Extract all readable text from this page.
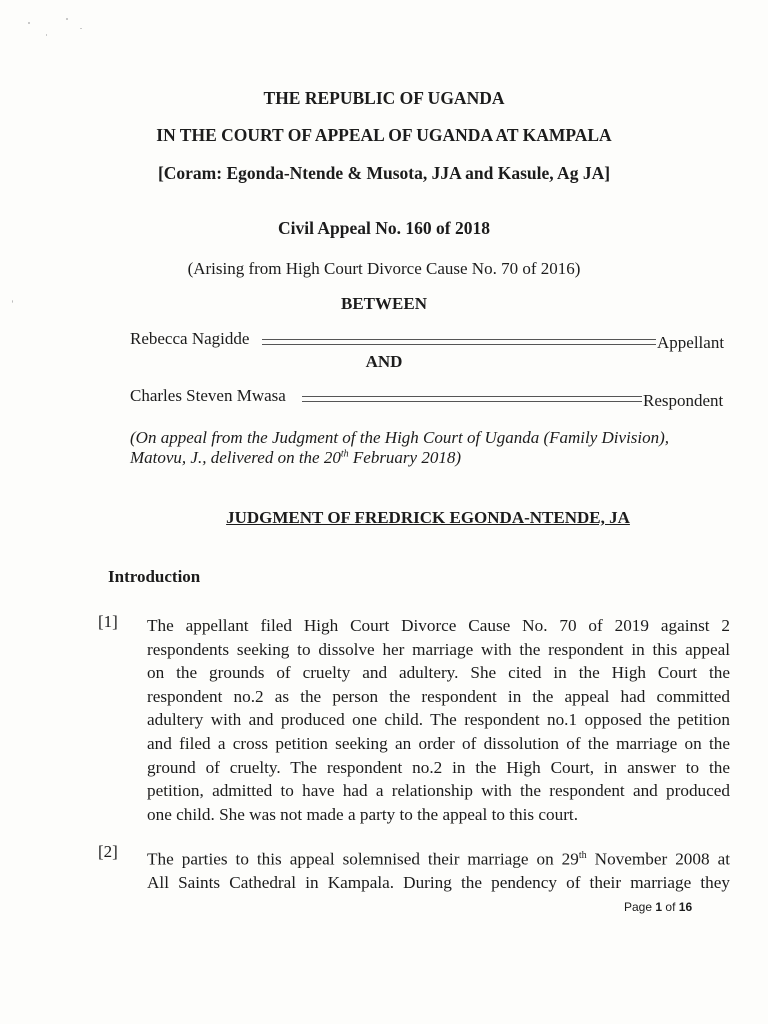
THE REPUBLIC OF UGANDA
IN THE COURT OF APPEAL OF UGANDA AT KAMPALA
[Coram: Egonda-Ntende & Musota, JJA and Kasule, Ag JA]
Civil Appeal No. 160 of 2018
(Arising from High Court Divorce Cause No. 70 of 2016)
BETWEEN
Rebecca Nagidde	Appellant
AND
Charles Steven Mwasa	Respondent
(On appeal from the Judgment of the High Court of Uganda (Family Division),
Matovu, J., delivered on the 20th February 2018)
JUDGMENT OF FREDRICK EGONDA-NTENDE, JA
Introduction
[1] The appellant filed High Court Divorce Cause No. 70 of 2019 against 2
respondents seeking to dissolve her marriage with the respondent in this appeal
on the grounds of cruelty and adultery. She cited in the High Court the
respondent no.2 as the person the respondent in the appeal had committed
adultery with and produced one child. The respondent no.1 opposed the petition
and filed a cross petition seeking an order of dissolution of the marriage on the
ground of cruelty. The respondent no.2 in the High Court, in answer to the
petition, admitted to have had a relationship with the respondent and produced
one child. She was not made a party to the appeal to this court.
[2] The parties to this appeal solemnised their marriage on 29th November 2008 at
All Saints Cathedral in Kampala. During the pendency of their marriage they
Page 1 of 16
